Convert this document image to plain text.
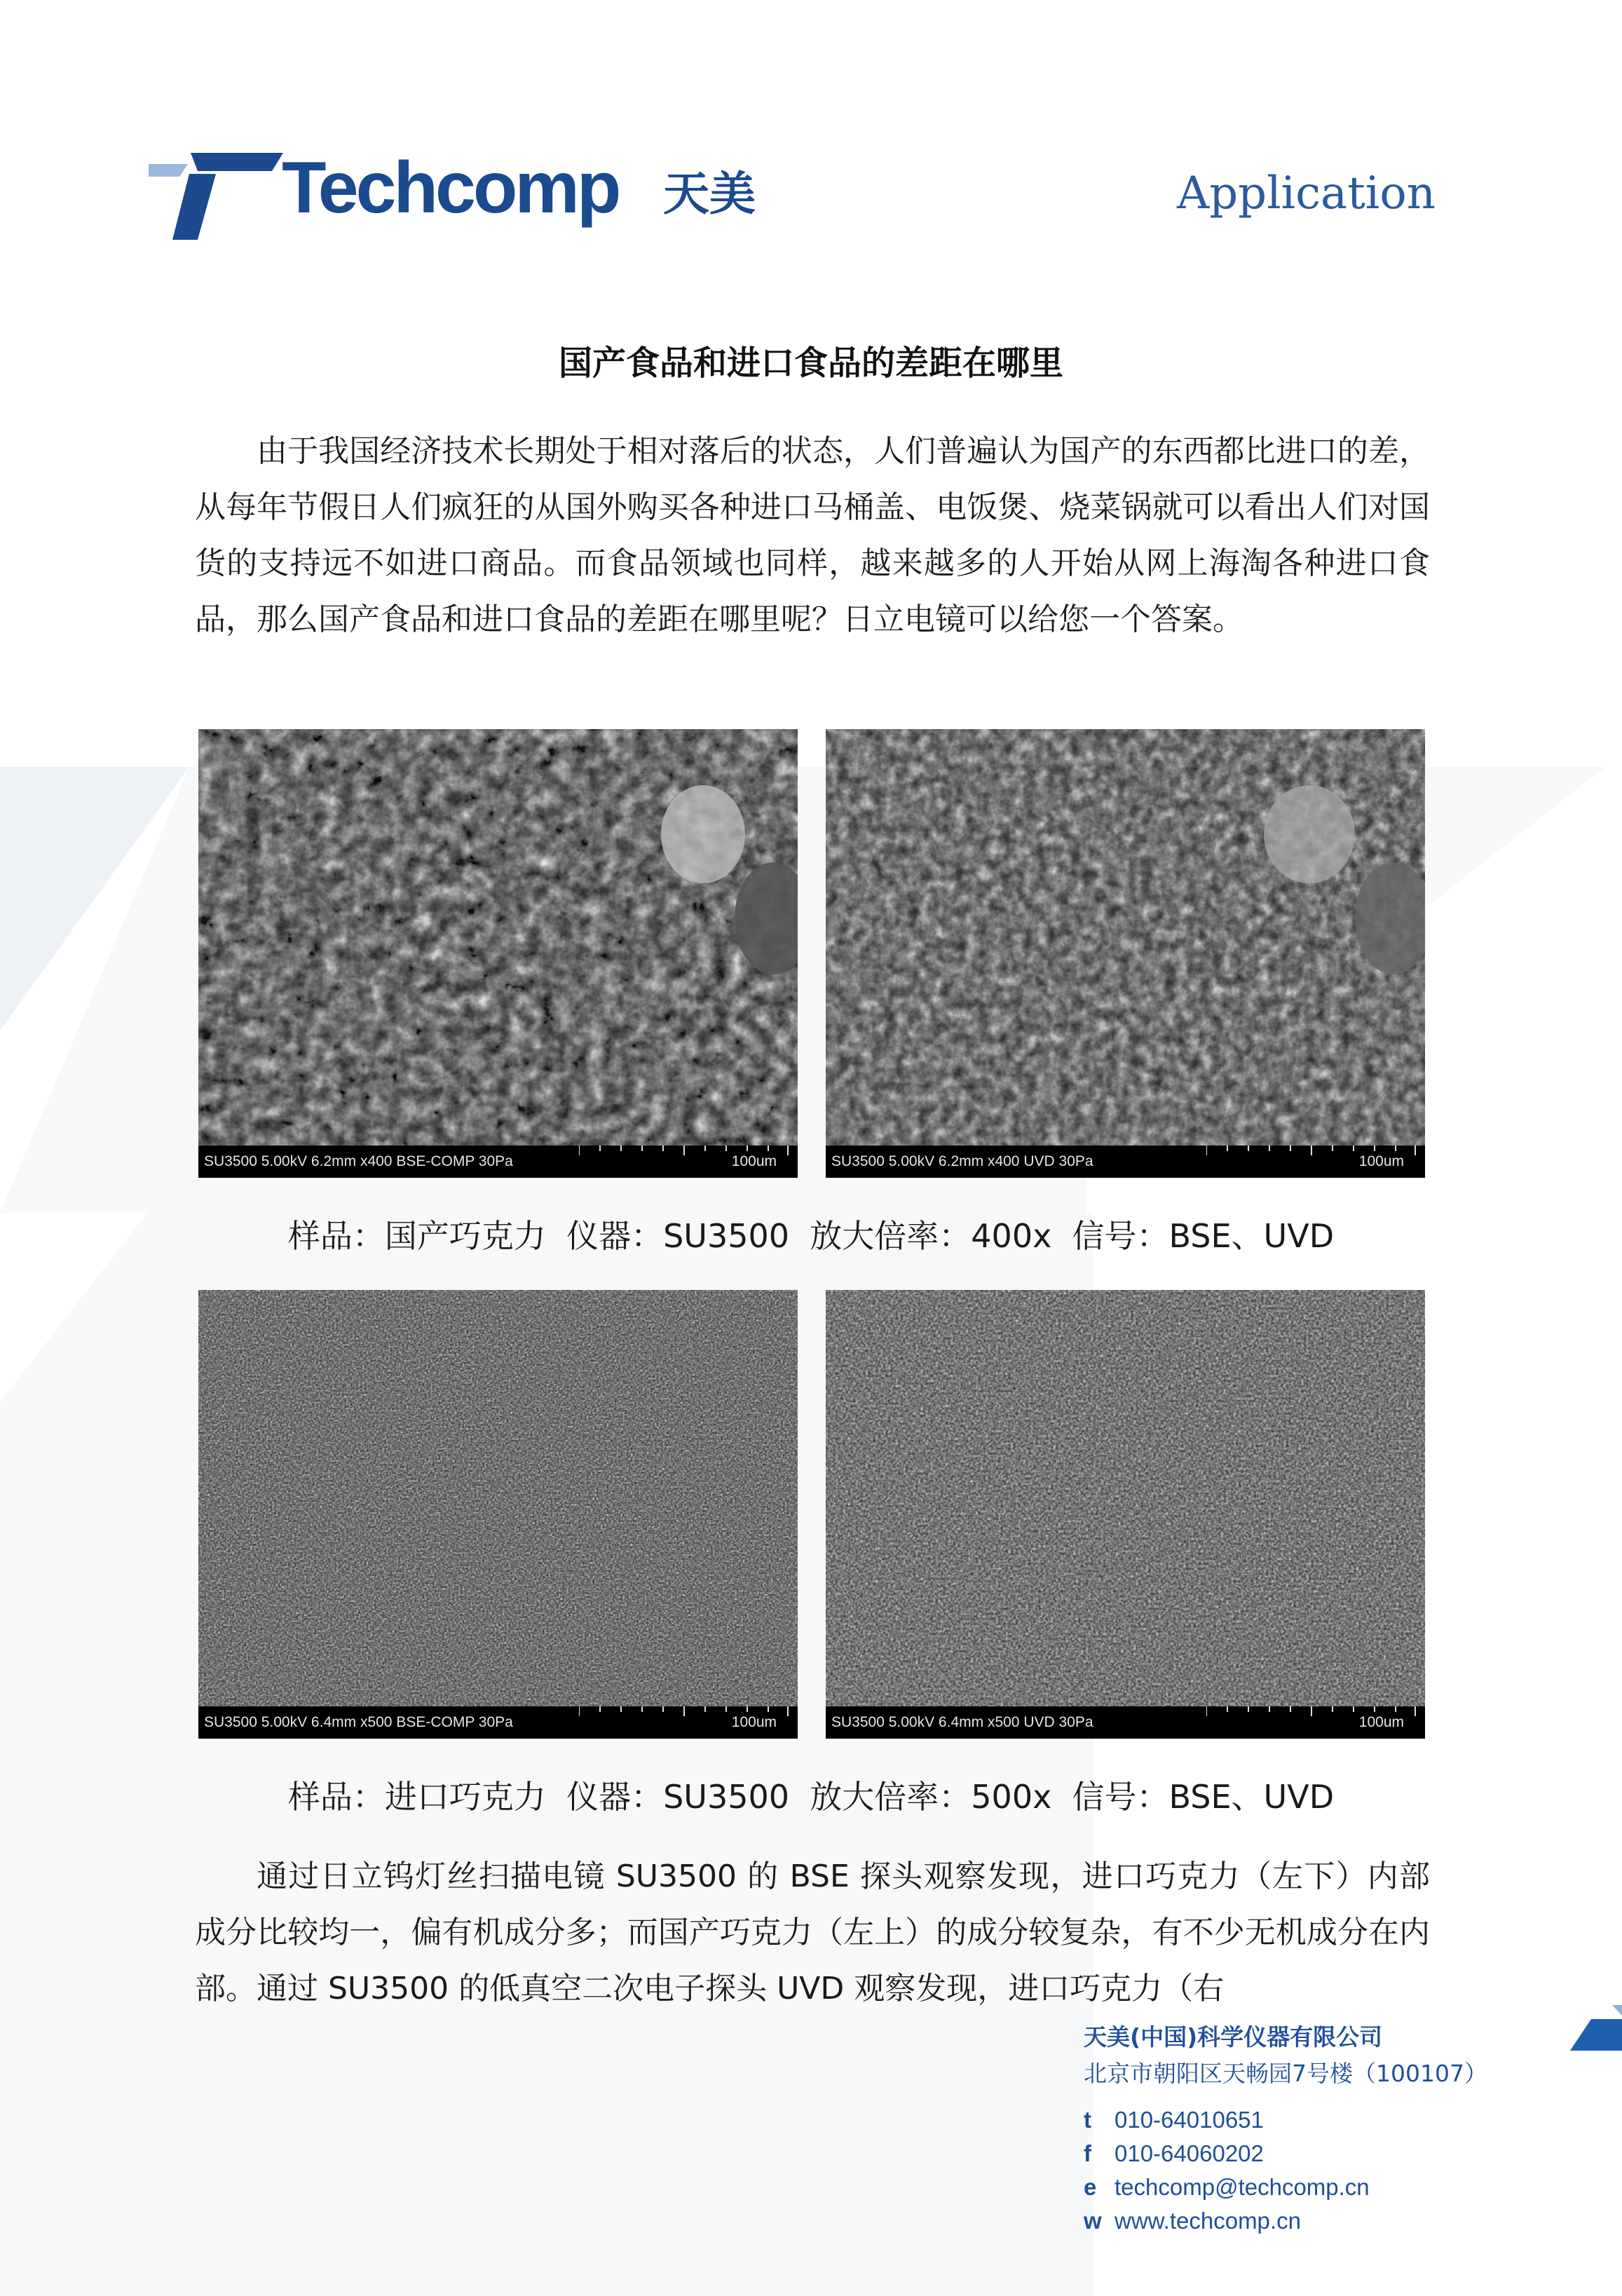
Techcomp 天美	Application
国产食品和进口食品的差距在哪里

由于我国经济技术长期处于相对落后的状态，人们普遍认为国产的东西都比进口的差，从每年节假日人们疯狂的从国外购买各种进口马桶盖、电饭煲、烧菜锅就可以看出人们对国货的支持远不如进口商品。而食品领域也同样，越来越多的人开始从网上海淘各种进口食品，那么国产食品和进口食品的差距在哪里呢？日立电镜可以给您一个答案。

SU3500 5.00kV 6.2mm x400 BSE-COMP 30Pa	100um	SU3500 5.00kV 6.2mm x400 UVD 30Pa	100um
样品：国产巧克力  仪器：SU3500  放大倍率：400x  信号：BSE、UVD
SU3500 5.00kV 6.4mm x500 BSE-COMP 30Pa	100um	SU3500 5.00kV 6.4mm x500 UVD 30Pa	100um
样品：进口巧克力  仪器：SU3500  放大倍率：500x  信号：BSE、UVD

通过日立钨灯丝扫描电镜 SU3500 的 BSE 探头观察发现，进口巧克力（左下）内部成分比较均一，偏有机成分多；而国产巧克力（左上）的成分较复杂，有不少无机成分在内部。通过 SU3500 的低真空二次电子探头 UVD 观察发现，进口巧克力（右

天美(中国)科学仪器有限公司
北京市朝阳区天畅园7号楼（100107）
t 010-64010651
f 010-64060202
e techcomp@techcomp.cn
w www.techcomp.cn
